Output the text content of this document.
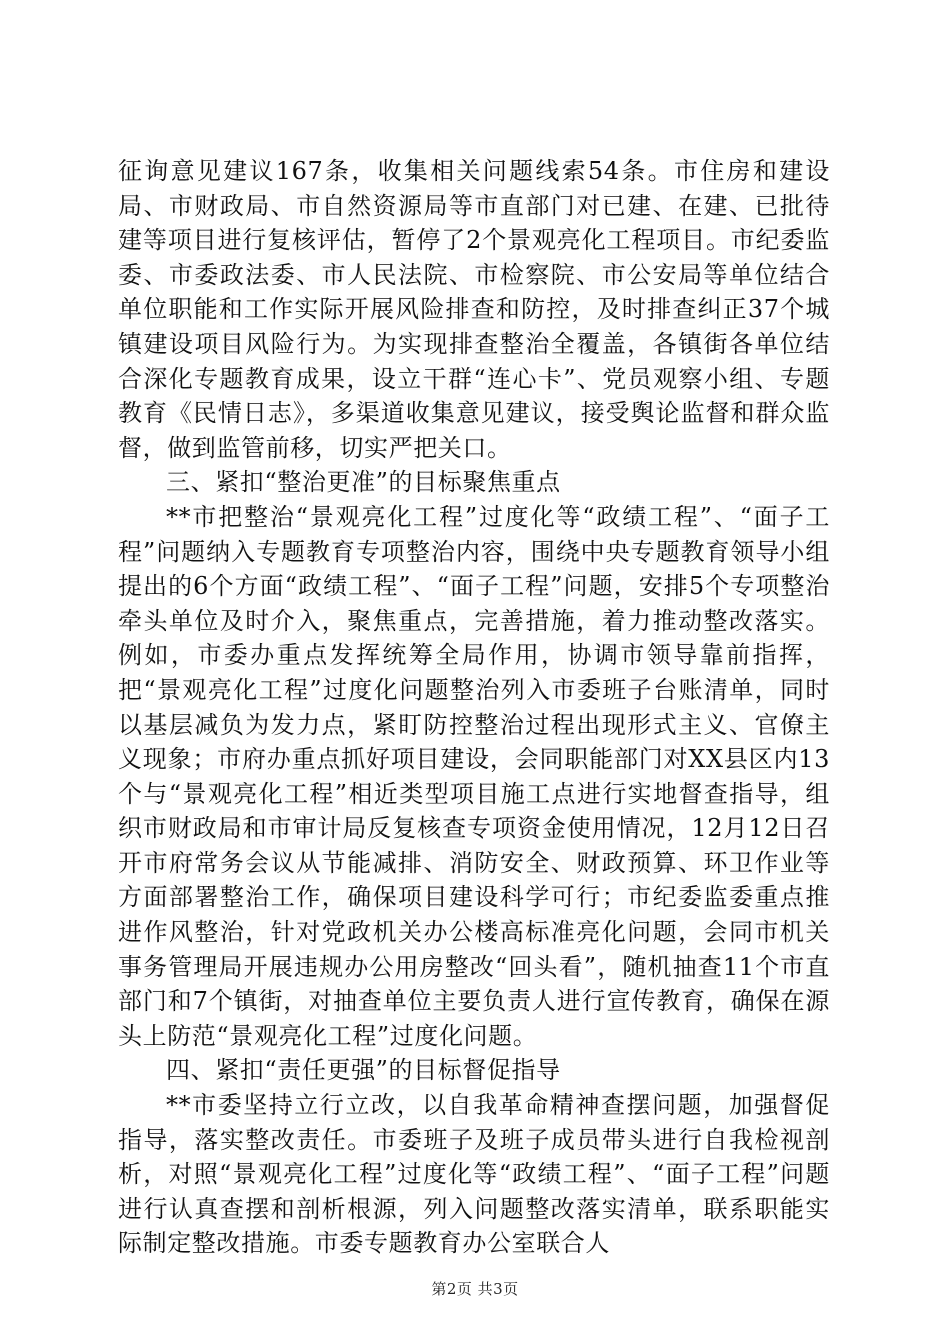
征询意见建议167条，收集相关问题线索54条。市住房和建设局、市财政局、市自然资源局等市直部门对已建、在建、已批待建等项目进行复核评估，暂停了2个景观亮化工程项目。市纪委监委、市委政法委、市人民法院、市检察院、市公安局等单位结合单位职能和工作实际开展风险排查和防控，及时排查纠正37个城镇建设项目风险行为。为实现排查整治全覆盖，各镇街各单位结合深化专题教育成果，设立干群“连心卡”、党员观察小组、专题教育《民情日志》，多渠道收集意见建议，接受舆论监督和群众监督，做到监管前移，切实严把关口。

三、紧扣“整治更准”的目标聚焦重点

**市把整治“景观亮化工程”过度化等“政绩工程”、“面子工程”问题纳入专题教育专项整治内容，围绕中央专题教育领导小组提出的6个方面“政绩工程”、“面子工程”问题，安排5个专项整治牵头单位及时介入，聚焦重点，完善措施，着力推动整改落实。例如，市委办重点发挥统筹全局作用，协调市领导靠前指挥，把“景观亮化工程”过度化问题整治列入市委班子台账清单，同时以基层减负为发力点，紧盯防控整治过程出现形式主义、官僚主义现象；市府办重点抓好项目建设，会同职能部门对XX县区内13个与“景观亮化工程”相近类型项目施工点进行实地督查指导，组织市财政局和市审计局反复核查专项资金使用情况，12月12日召开市府常务会议从节能减排、消防安全、财政预算、环卫作业等方面部署整治工作，确保项目建设科学可行；市纪委监委重点推进作风整治，针对党政机关办公楼高标准亮化问题，会同市机关事务管理局开展违规办公用房整改“回头看”，随机抽查11个市直部门和7个镇街，对抽查单位主要负责人进行宣传教育，确保在源头上防范“景观亮化工程”过度化问题。

四、紧扣“责任更强”的目标督促指导

**市委坚持立行立改，以自我革命精神查摆问题，加强督促指导，落实整改责任。市委班子及班子成员带头进行自我检视剖析，对照“景观亮化工程”过度化等“政绩工程”、“面子工程”问题进行认真查摆和剖析根源，列入问题整改落实清单，联系职能实际制定整改措施。市委专题教育办公室联合人

第2页 共3页
